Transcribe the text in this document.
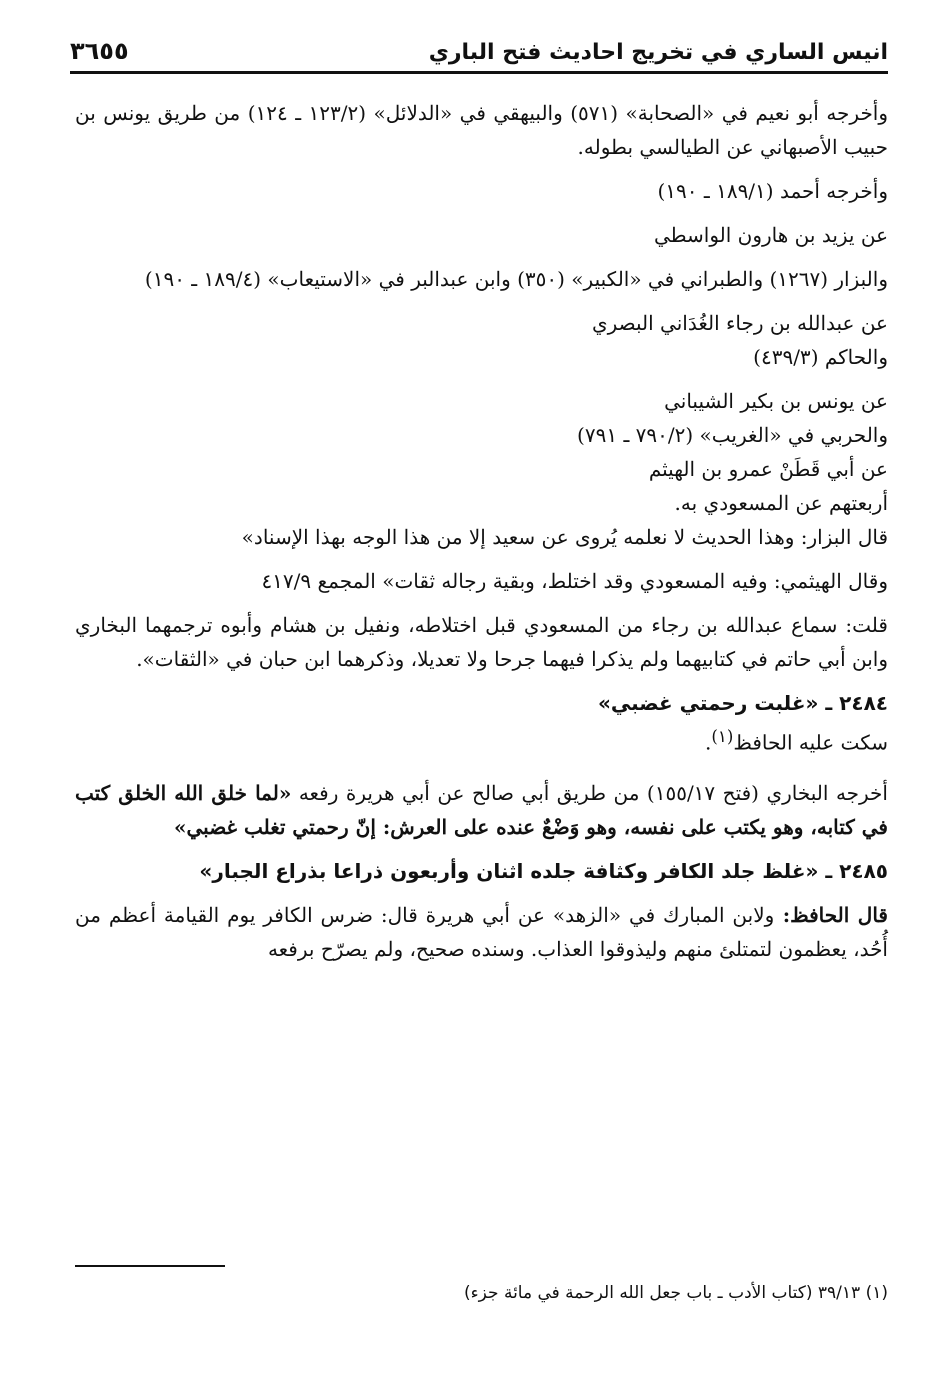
انيس الساري في تخريج احاديث فتح الباري
٣٦٥٥

وأخرجه أبو نعيم في «الصحابة» (٥٧١) والبيهقي في «الدلائل» (١٢٣/٢ ـ ١٢٤) من طريق يونس بن حبيب الأصبهاني عن الطيالسي بطوله.

وأخرجه أحمد (١٨٩/١ ـ ١٩٠)

عن يزيد بن هارون الواسطي

والبزار (١٢٦٧) والطبراني في «الكبير» (٣٥٠) وابن عبدالبر في «الاستيعاب» (١٨٩/٤ ـ ١٩٠)

عن عبدالله بن رجاء الغُدَاني البصري

والحاكم (٤٣٩/٣)

عن يونس بن بكير الشيباني

والحربي في «الغريب» (٧٩٠/٢ ـ ٧٩١)

عن أبي قَطَنْ عمرو بن الهيثم

أربعتهم عن المسعودي به.

قال البزار: وهذا الحديث لا نعلمه يُروى عن سعيد إلا من هذا الوجه بهذا الإسناد»

وقال الهيثمي: وفيه المسعودي وقد اختلط، وبقية رجاله ثقات» المجمع ٤١٧/٩

قلت: سماع عبدالله بن رجاء من المسعودي قبل اختلاطه، ونفيل بن هشام وأبوه ترجمهما البخاري وابن أبي حاتم في كتابيهما ولم يذكرا فيهما جرحا ولا تعديلا، وذكرهما ابن حبان في «الثقات».

٢٤٨٤ ـ «غلبت رحمتي غضبي»

سكت عليه الحافظ$^{(١)}$.

أخرجه البخاري (فتح ١٥٥/١٧) من طريق أبي صالح عن أبي هريرة رفعه «لما خلق الله الخلق كتب في كتابه، وهو يكتب على نفسه، وهو وَضْعٌ عنده على العرش: إنّ رحمتي تغلب غضبي»

٢٤٨٥ ـ «غلظ جلد الكافر وكثافة جلده اثنان وأربعون ذراعا بذراع الجبار»

قال الحافظ: ولابن المبارك في «الزهد» عن أبي هريرة قال: ضرس الكافر يوم القيامة أعظم من أُحُد، يعظمون لتمتلئ منهم وليذوقوا العذاب. وسنده صحيح، ولم يصرّح برفعه

(١) ٣٩/١٣ (كتاب الأدب ـ باب جعل الله الرحمة في مائة جزء)
